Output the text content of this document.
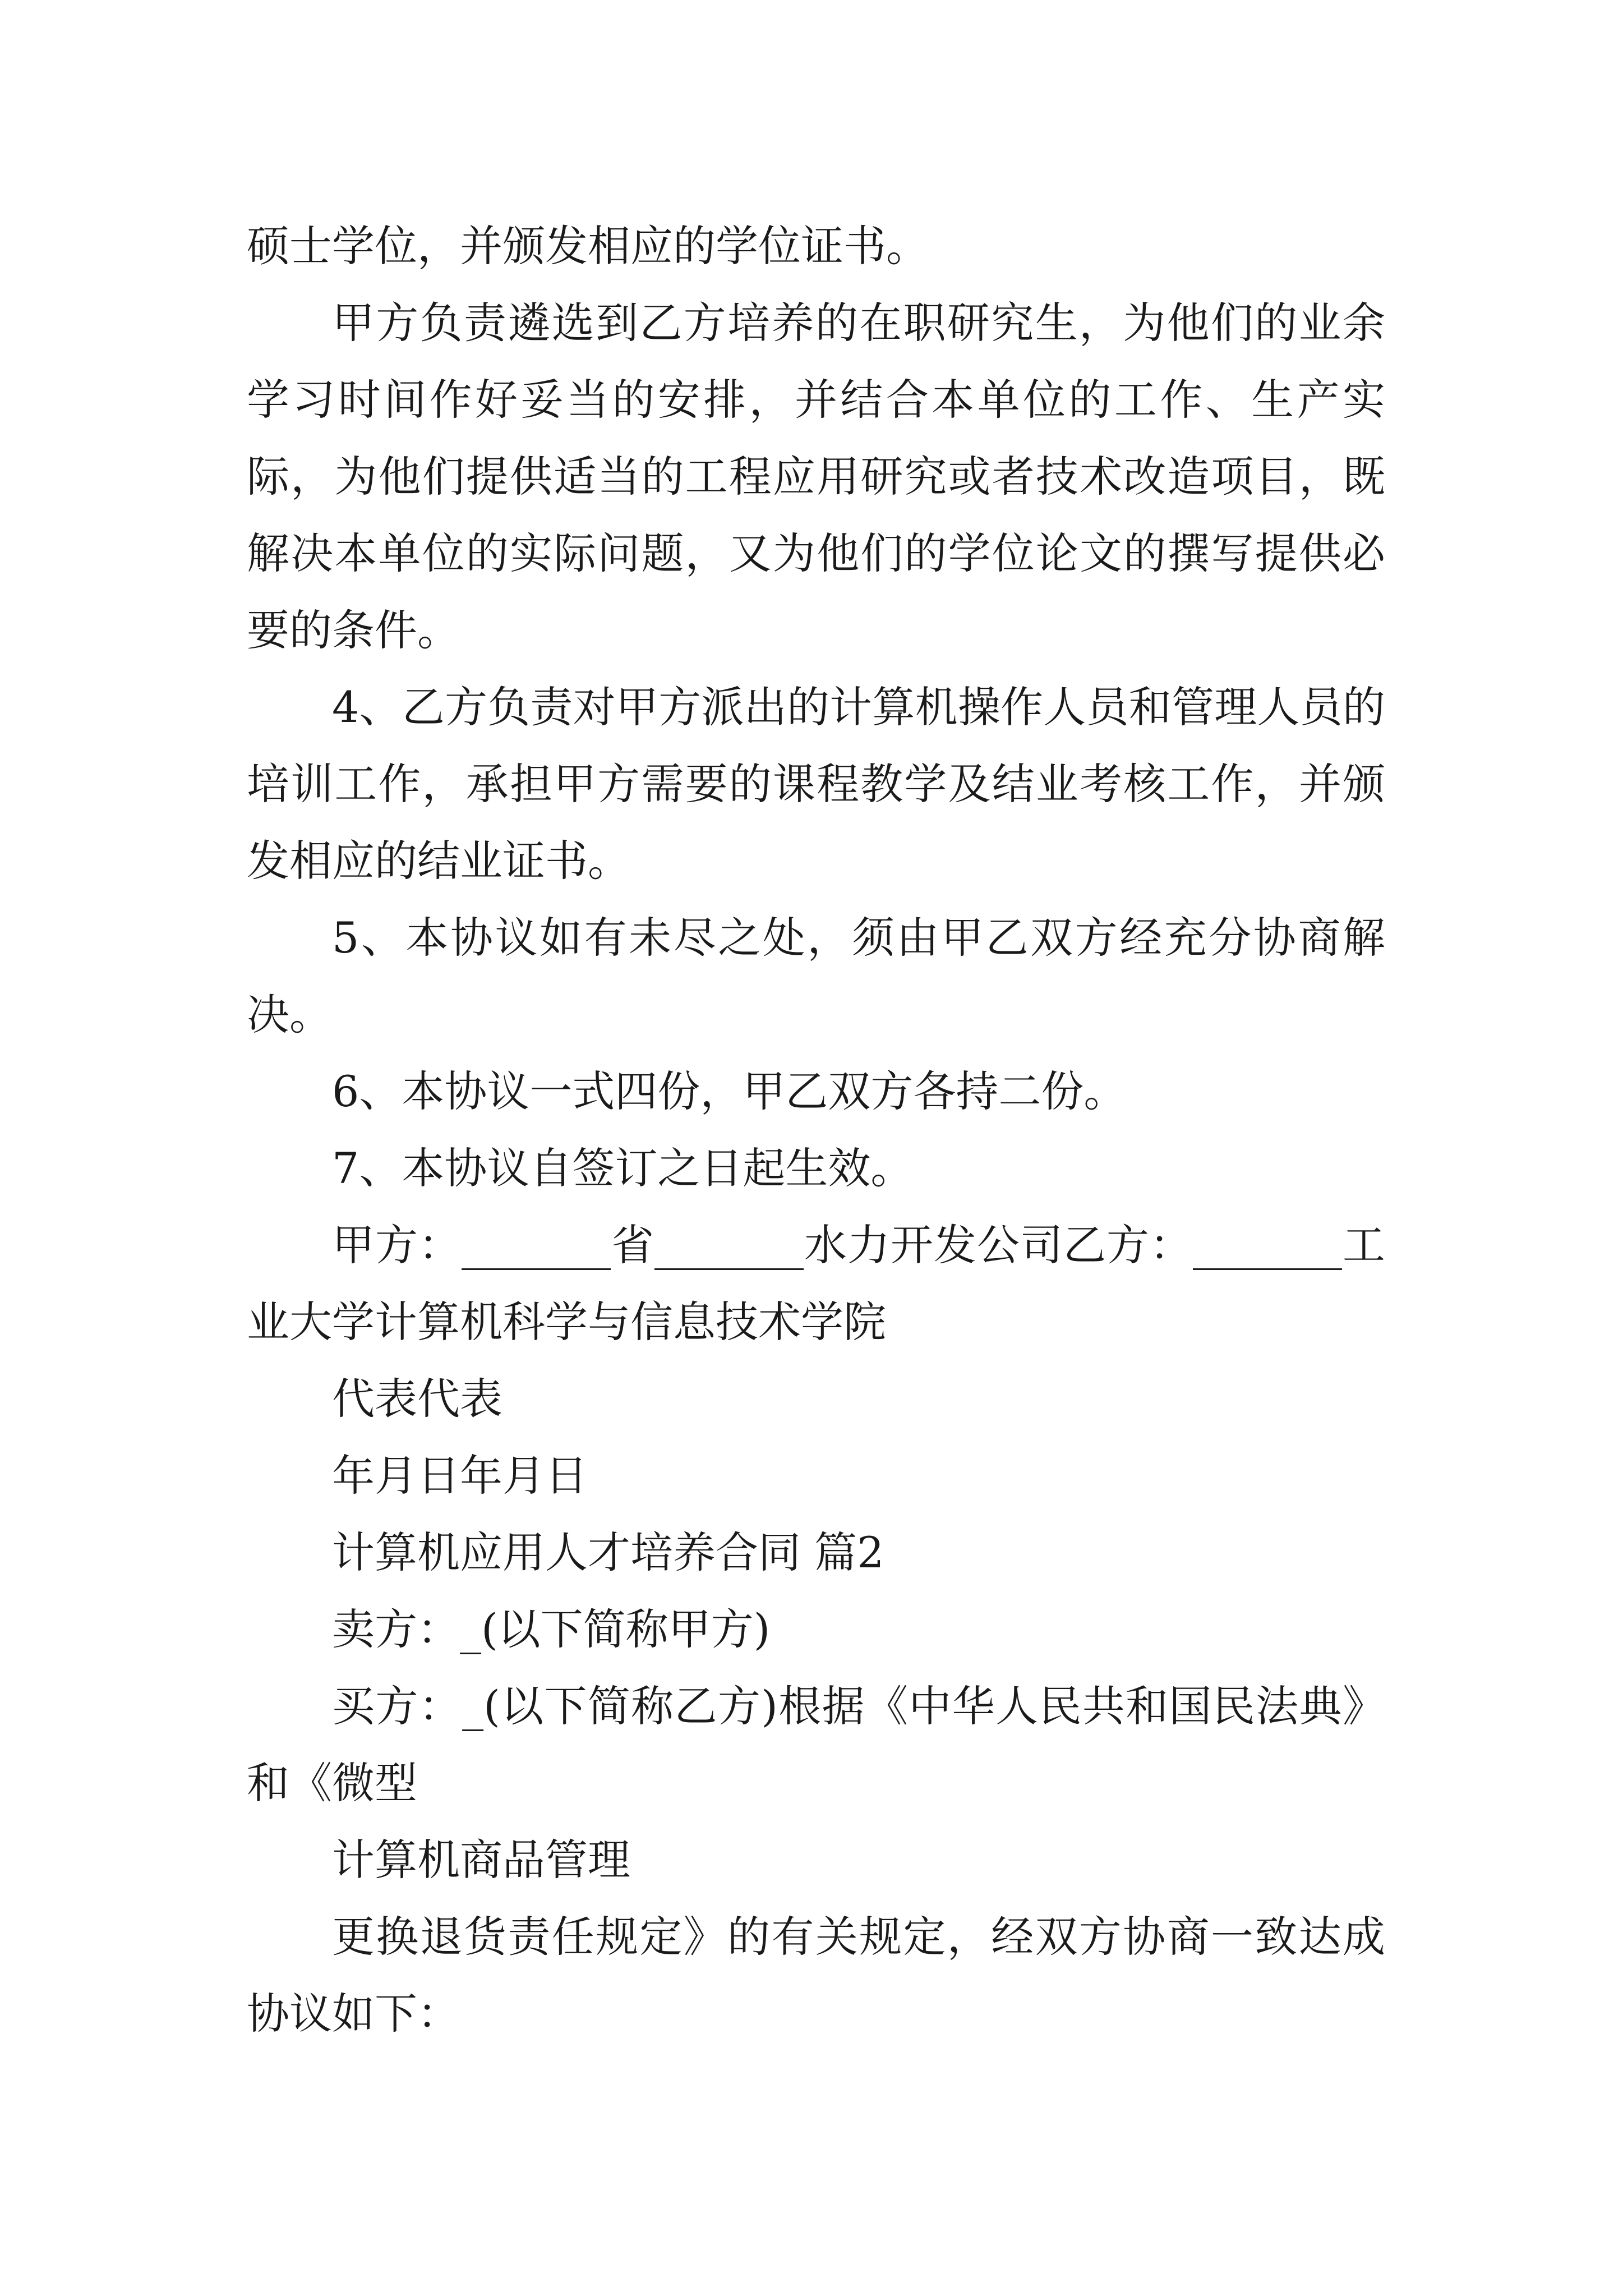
硕士学位，并颁发相应的学位证书。

甲方负责遴选到乙方培养的在职研究生，为他们的业余学习时间作好妥当的安排，并结合本单位的工作、生产实际，为他们提供适当的工程应用研究或者技术改造项目，既解决本单位的实际问题，又为他们的学位论文的撰写提供必要的条件。

4、乙方负责对甲方派出的计算机操作人员和管理人员的培训工作，承担甲方需要的课程教学及结业考核工作，并颁发相应的结业证书。

5、本协议如有未尽之处，须由甲乙双方经充分协商解决。

6、本协议一式四份，甲乙双方各持二份。

7、本协议自签订之日起生效。

甲方：_______省_______水力开发公司乙方：_______工业大学计算机科学与信息技术学院

代表代表

年月日年月日

计算机应用人才培养合同 篇2

卖方：_(以下简称甲方)

买方：_(以下简称乙方)根据《中华人民共和国民法典》和《微型

计算机商品管理

更换退货责任规定》的有关规定，经双方协商一致达成协议如下：
